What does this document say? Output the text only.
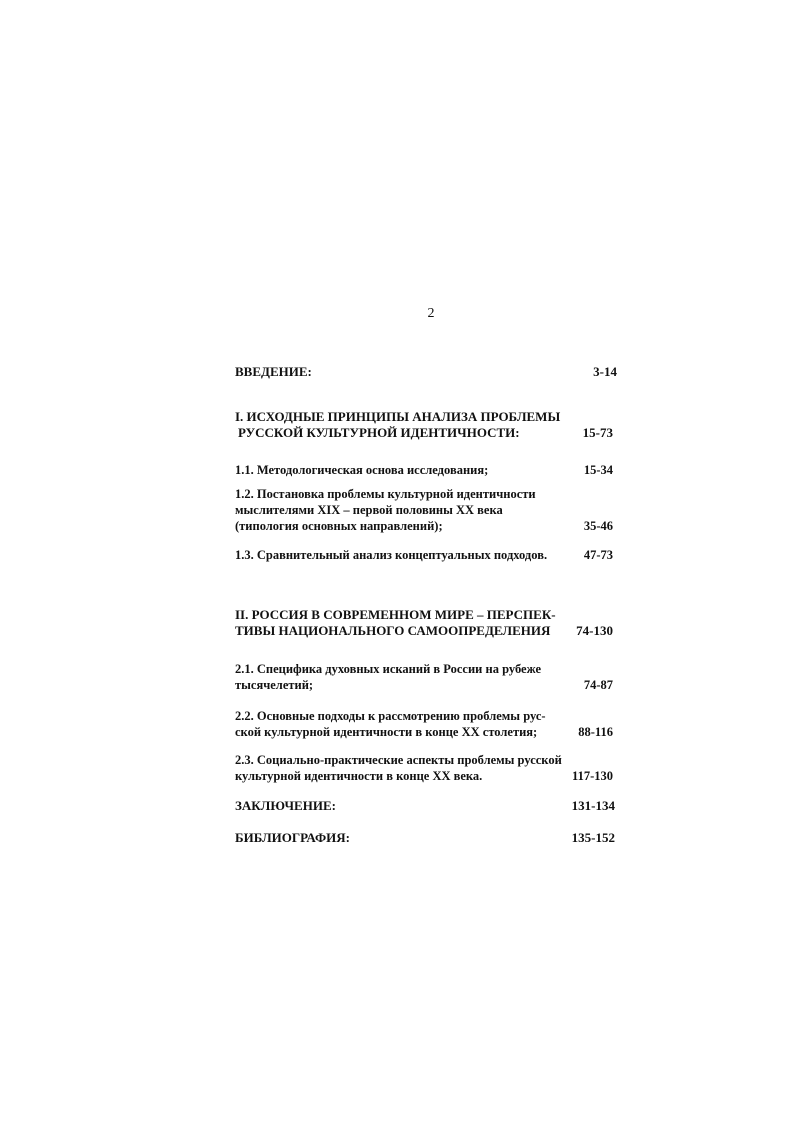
2
ВВЕДЕНИЕ:	3-14
I. ИСХОДНЫЕ ПРИНЦИПЫ АНАЛИЗА ПРОБЛЕМЫ
РУССКОЙ КУЛЬТУРНОЙ ИДЕНТИЧНОСТИ:	15-73
1.1. Методологическая основа исследования;	15-34
1.2. Постановка проблемы культурной идентичности
мыслителями XIX – первой половины XX века
(типология основных направлений);	35-46
1.3. Сравнительный анализ концептуальных подходов.	47-73
II. РОССИЯ В СОВРЕМЕННОМ МИРЕ – ПЕРСПЕК-
ТИВЫ НАЦИОНАЛЬНОГО САМООПРЕДЕЛЕНИЯ 74-130
2.1. Специфика духовных исканий в России на рубеже
тысячелетий;	74-87
2.2. Основные подходы к рассмотрению проблемы рус-
ской культурной идентичности в конце XX столетия;	88-116
2.3. Социально-практические аспекты проблемы русской
культурной идентичности в конце XX века.	117-130
ЗАКЛЮЧЕНИЕ:	131-134
БИБЛИОГРАФИЯ:	135-152
